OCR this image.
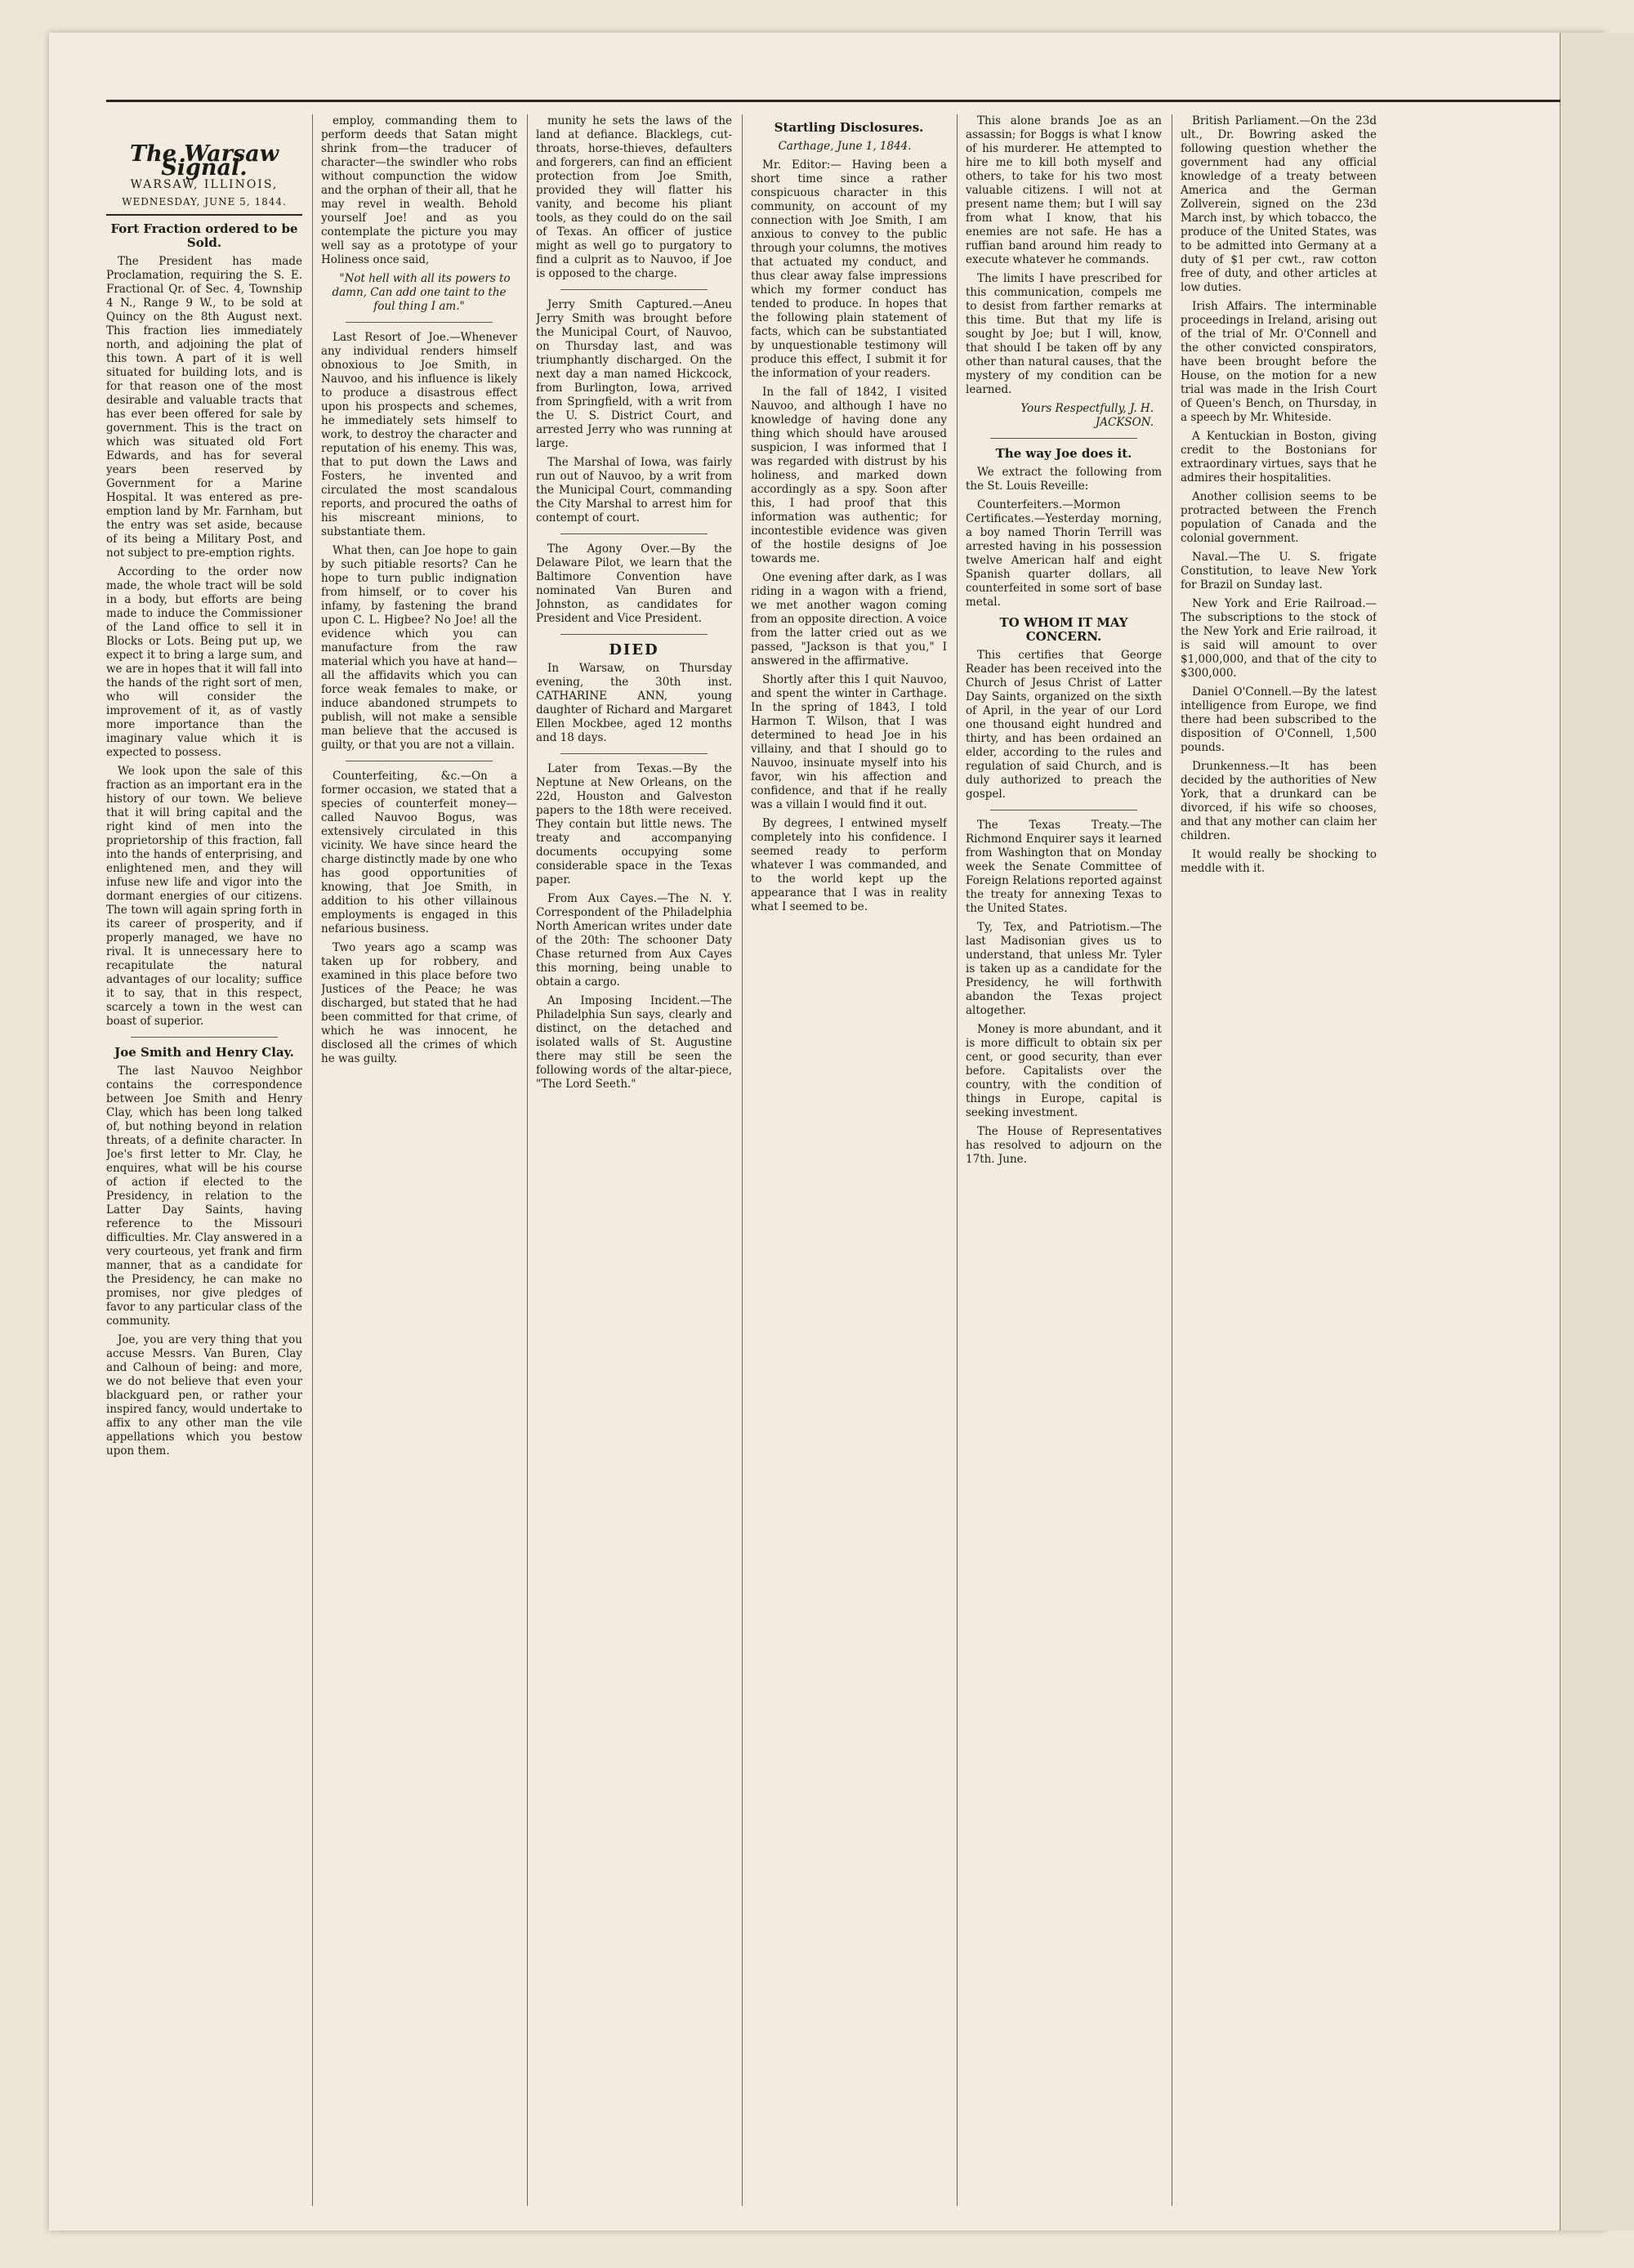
The Warsaw Signal.
WARSAW, ILLINOIS,
WEDNESDAY, JUNE 5, 1844.
Fort Fraction ordered to be Sold.

The President has made Proclamation, requiring the S. E. Fractional Qr. of Sec. 4, Township 4 N., Range 9 W., to be sold at Quincy on the 8th August next. This fraction lies immediately north, and adjoining the plat of this town. A part of it is well situated for building lots, and is for that reason one of the most desirable and valuable tracts that has ever been offered for sale by government. This is the tract on which was situated old Fort Edwards, and has for several years been reserved by Government for a Marine Hospital. It was entered as pre-emption land by Mr. Farnham, but the entry was set aside, because of its being a Military Post, and not subject to pre-emption rights.

According to the order now made, the whole tract will be sold in a body, but efforts are being made to induce the Commissioner of the Land office to sell it in Blocks or Lots. Being put up, we expect it to bring a large sum, and we are in hopes that it will fall into the hands of the right sort of men, who will consider the improvement of it, as of vastly more importance than the imaginary value which it is expected to possess.

We look upon the sale of this fraction as an important era in the history of our town. We believe that it will bring capital and the right kind of men into the proprietorship of this fraction, fall into the hands of enterprising, and enlightened men, and they will infuse new life and vigor into the dormant energies of our citizens. The town will again spring forth in its career of prosperity, and if properly managed, we have no rival. It is unnecessary here to recapitulate the natural advantages of our locality; suffice it to say, that in this respect, scarcely a town in the west can boast of superior.

Joe Smith and Henry Clay.

The last Nauvoo Neighbor contains the correspondence between Joe Smith and Henry Clay, which has been long talked of, but nothing beyond in relation threats, of a definite character. In Joe's first letter to Mr. Clay, he enquires, what will be his course of action if elected to the Presidency, in relation to the Latter Day Saints, having reference to the Missouri difficulties. Mr. Clay answered in a very courteous, yet frank and firm manner, that as a candidate for the Presidency, he can make no promises, nor give pledges of favor to any particular class of the community.

Joe, you are very thing that you accuse Messrs. Van Buren, Clay and Calhoun of being: and more, we do not believe that even your blackguard pen, or rather your inspired fancy, would undertake to affix to any other man the vile appellations which you bestow upon them.

employ, commanding them to perform deeds that Satan might shrink from—the traducer of character—the swindler who robs without compunction the widow and the orphan of their all, that he may revel in wealth. Behold yourself Joe! and as you contemplate the picture you may well say as a prototype of your Holiness once said,

"Not hell with all its powers to damn, Can add one taint to the foul thing I am."

Last Resort of Joe.—Whenever any individual renders himself obnoxious to Joe Smith, in Nauvoo, and his influence is likely to produce a disastrous effect upon his prospects and schemes, he immediately sets himself to work, to destroy the character and reputation of his enemy. This was, that to put down the Laws and Fosters, he invented and circulated the most scandalous reports, and procured the oaths of his miscreant minions, to substantiate them.

What then, can Joe hope to gain by such pitiable resorts? Can he hope to turn public indignation from himself, or to cover his infamy, by fastening the brand upon C. L. Higbee? No Joe! all the evidence which you can manufacture from the raw material which you have at hand—all the affidavits which you can force weak females to make, or induce abandoned strumpets to publish, will not make a sensible man believe that the accused is guilty, or that you are not a villain.

Counterfeiting, &c.—On a former occasion, we stated that a species of counterfeit money—called Nauvoo Bogus, was extensively circulated in this vicinity. We have since heard the charge distinctly made by one who has good opportunities of knowing, that Joe Smith, in addition to his other villainous employments is engaged in this nefarious business.

Two years ago a scamp was taken up for robbery, and examined in this place before two Justices of the Peace; he was discharged, but stated that he had been committed for that crime, of which he was innocent, he disclosed all the crimes of which he was guilty.

munity he sets the laws of the land at defiance. Blacklegs, cut-throats, horse-thieves, defaulters and forgerers, can find an efficient protection from Joe Smith, provided they will flatter his vanity, and become his pliant tools, as they could do on the sail of Texas. An officer of justice might as well go to purgatory to find a culprit as to Nauvoo, if Joe is opposed to the charge.

Jerry Smith Captured.—Aneu Jerry Smith was brought before the Municipal Court, of Nauvoo, on Thursday last, and was triumphantly discharged. On the next day a man named Hickcock, from Burlington, Iowa, arrived from Springfield, with a writ from the U. S. District Court, and arrested Jerry who was running at large.

The Marshal of Iowa, was fairly run out of Nauvoo, by a writ from the Municipal Court, commanding the City Marshal to arrest him for contempt of court.

The Agony Over.—By the Delaware Pilot, we learn that the Baltimore Convention have nominated Van Buren and Johnston, as candidates for President and Vice President.

DIED

In Warsaw, on Thursday evening, the 30th inst. CATHARINE ANN, young daughter of Richard and Margaret Ellen Mockbee, aged 12 months and 18 days.

Later from Texas.—By the Neptune at New Orleans, on the 22d, Houston and Galveston papers to the 18th were received. They contain but little news. The treaty and accompanying documents occupying some considerable space in the Texas paper.

From Aux Cayes.—The N. Y. Correspondent of the Philadelphia North American writes under date of the 20th: The schooner Daty Chase returned from Aux Cayes this morning, being unable to obtain a cargo.

An Imposing Incident.—The Philadelphia Sun says, clearly and distinct, on the detached and isolated walls of St. Augustine there may still be seen the following words of the altar-piece, "The Lord Seeth."

Startling Disclosures.
Carthage, June 1, 1844.

Mr. Editor:— Having been a short time since a rather conspicuous character in this community, on account of my connection with Joe Smith, I am anxious to convey to the public through your columns, the motives that actuated my conduct, and thus clear away false impressions which my former conduct has tended to produce. In hopes that the following plain statement of facts, which can be substantiated by unquestionable testimony will produce this effect, I submit it for the information of your readers.

In the fall of 1842, I visited Nauvoo, and although I have no knowledge of having done any thing which should have aroused suspicion, I was informed that I was regarded with distrust by his holiness, and marked down accordingly as a spy. Soon after this, I had proof that this information was authentic; for incontestible evidence was given of the hostile designs of Joe towards me.

One evening after dark, as I was riding in a wagon with a friend, we met another wagon coming from an opposite direction. A voice from the latter cried out as we passed, "Jackson is that you," I answered in the affirmative.

Shortly after this I quit Nauvoo, and spent the winter in Carthage. In the spring of 1843, I told Harmon T. Wilson, that I was determined to head Joe in his villainy, and that I should go to Nauvoo, insinuate myself into his favor, win his affection and confidence, and that if he really was a villain I would find it out.

By degrees, I entwined myself completely into his confidence. I seemed ready to perform whatever I was commanded, and to the world kept up the appearance that I was in reality what I seemed to be.

This alone brands Joe as an assassin; for Boggs is what I know of his murderer. He attempted to hire me to kill both myself and others, to take for his two most valuable citizens. I will not at present name them; but I will say from what I know, that his enemies are not safe. He has a ruffian band around him ready to execute whatever he commands.

The limits I have prescribed for this communication, compels me to desist from farther remarks at this time. But that my life is sought by Joe; but I will, know, that should I be taken off by any other than natural causes, that the mystery of my condition can be learned.

Yours Respectfully, J. H. JACKSON.
The way Joe does it.

We extract the following from the St. Louis Reveille:

Counterfeiters.—Mormon Certificates.—Yesterday morning, a boy named Thorin Terrill was arrested having in his possession twelve American half and eight Spanish quarter dollars, all counterfeited in some sort of base metal.

TO WHOM IT MAY CONCERN.

This certifies that George Reader has been received into the Church of Jesus Christ of Latter Day Saints, organized on the sixth of April, in the year of our Lord one thousand eight hundred and thirty, and has been ordained an elder, according to the rules and regulation of said Church, and is duly authorized to preach the gospel.

The Texas Treaty.—The Richmond Enquirer says it learned from Washington that on Monday week the Senate Committee of Foreign Relations reported against the treaty for annexing Texas to the United States.

Ty, Tex, and Patriotism.—The last Madisonian gives us to understand, that unless Mr. Tyler is taken up as a candidate for the Presidency, he will forthwith abandon the Texas project altogether.

Money is more abundant, and it is more difficult to obtain six per cent, or good security, than ever before. Capitalists over the country, with the condition of things in Europe, capital is seeking investment.

The House of Representatives has resolved to adjourn on the 17th. June.

British Parliament.—On the 23d ult., Dr. Bowring asked the following question whether the government had any official knowledge of a treaty between America and the German Zollverein, signed on the 23d March inst, by which tobacco, the produce of the United States, was to be admitted into Germany at a duty of $1 per cwt., raw cotton free of duty, and other articles at low duties.

Irish Affairs. The interminable proceedings in Ireland, arising out of the trial of Mr. O'Connell and the other convicted conspirators, have been brought before the House, on the motion for a new trial was made in the Irish Court of Queen's Bench, on Thursday, in a speech by Mr. Whiteside.

A Kentuckian in Boston, giving credit to the Bostonians for extraordinary virtues, says that he admires their hospitalities.

Another collision seems to be protracted between the French population of Canada and the colonial government.

Naval.—The U. S. frigate Constitution, to leave New York for Brazil on Sunday last.

New York and Erie Railroad.—The subscriptions to the stock of the New York and Erie railroad, it is said will amount to over $1,000,000, and that of the city to $300,000.

Daniel O'Connell.—By the latest intelligence from Europe, we find there had been subscribed to the disposition of O'Connell, 1,500 pounds.

Drunkenness.—It has been decided by the authorities of New York, that a drunkard can be divorced, if his wife so chooses, and that any mother can claim her children.

It would really be shocking to meddle with it.
